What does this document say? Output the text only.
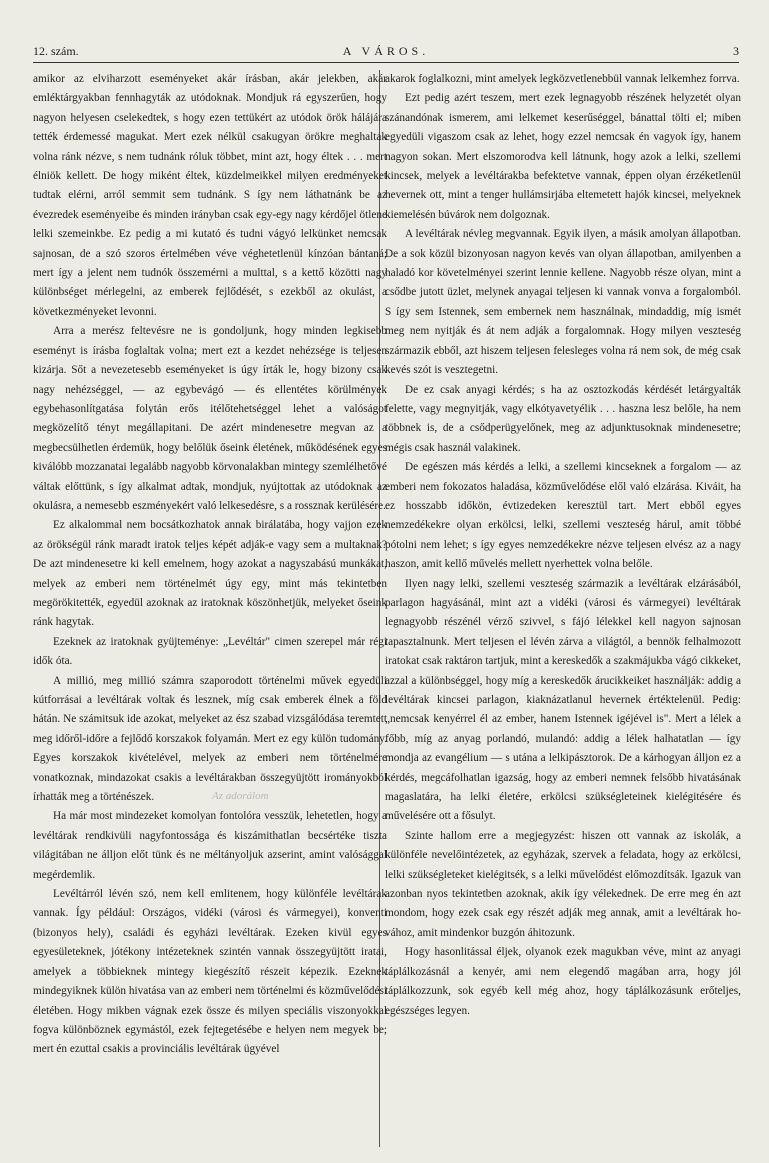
12. szám.	A VÁROS.	3

amikor az elviharzott eseményeket akár írásban, akár jelekben, akár emléktárgyakban fennhagyták az utódoknak. Mondjuk rá egyszerűen, hogy nagyon helyesen cselekedtek, s hogy ezen tettükért az utódok örök hálájára tették érdemessé magukat. Mert ezek nélkül csakugyan örökre meghaltak volna ránk nézve, s nem tudnánk róluk többet, mint azt, hogy éltek . . . mert élniök kellett. De hogy miként éltek, küzdelmeikkel milyen eredményeket tudtak elérni, arról semmit sem tudnánk. S így nem láthatnánk be az évezredek eseményeibe és minden irányban csak egy-egy nagy kérdőjel ötlene lelki szemeinkbe. Ez pedig a mi kutató és tudni vágyó lelkünket nemcsak sajnosan, de a szó szoros értelmében véve véghetetlenül kínzóan bántaná; mert így a jelent nem tudnók összemérni a multtal, s a kettő közötti nagy különbséget mérlegelni, az emberek fejlődését, s ezekből az okulást, a következményeket levonni.

Arra a merész feltevésre ne is gondoljunk, hogy minden legkisebb eseményt is írásba foglaltak volna; mert ezt a kezdet nehézsége is teljesen kizárja. Sőt a nevezetesebb eseményeket is úgy írták le, hogy bizony csak nagy nehézséggel, — az egybevágó — és ellentétes körülmények egybehasonlítgatása folytán erős itélőtehetséggel lehet a valóságot megközelítő tényt megállapitani. De azért mindenesetre megvan az a megbecsülhetlen érdemük, hogy belőlük őseink életének, működésének egyes kiválóbb mozzanatai legalább nagyobb körvonalakban mintegy szemlélhetővé váltak előttünk, s így alkalmat adtak, mondjuk, nyújtottak az utódoknak az okulásra, a nemesebb eszményekért való lelkesedésre, s a rossznak kerülésére.

Ez alkalommal nem bocsátkozhatok annak birálatába, hogy vajjon ezek az örökségül ránk maradt iratok teljes képét adják-e vagy sem a multaknak? De azt mindenesetre ki kell emelnem, hogy azokat a nagyszabású munkákat, melyek az emberi nem történelmét úgy egy, mint más tekintetben megörökitették, egyedül azoknak az iratoknak köszönhetjük, melyeket őseink ránk hagytak.

Ezeknek az iratoknak gyüjteménye: „Levéltár" cimen szerepel már régi idők óta.

A millió, meg millió számra szaporodott történelmi művek egyedüli kútforrásai a levéltárak voltak és lesznek, míg csak emberek élnek a föld hátán. Ne számitsuk ide azokat, melyeket az ész szabad vizsgálódása teremtett meg időről-időre a fejlődő korszakok folyamán. Mert ez egy külön tudomány. Egyes korszakok kivételével, melyek az emberi nem történelmére vonatkoznak, mindazokat csakis a levéltárakban összegyüjtött irományokból írhatták meg a történészek.

Ha már most mindezeket komolyan fontolóra vesszük, lehetetlen, hogy a levéltárak rendkivüli nagyfontossága és kiszámithatlan becsértéke tiszta világitában ne álljon előt tünk és ne méltányoljuk azserint, amint valósággal megérdemlik.

Levéltárról lévén szó, nem kell emlitenem, hogy különféle levéltárak vannak. Így például: Országos, vidéki (városi és vármegyei), konventi (bizonyos hely), családi és egyházi levéltárak. Ezeken kivül egyes egyesületeknek, jótékony intézeteknek szintén vannak összegyüjtött iratai, amelyek a többieknek mintegy kiegészítő részeit képezik. Ezeknek mindegyiknek külön hivatása van az emberi nem történelmi és közművelődési életében. Hogy mikben vágnak ezek össze és milyen speciális viszonyokkal fogva különböznek egymástól, ezek fejtegetésébe e helyen nem megyek be; mert én ezuttal csakis a provinciális levéltárak ügyével

akarok foglalkozni, mint amelyek legközvetlenebbül vannak lelkemhez forrva.

Ezt pedig azért teszem, mert ezek legnagyobb részének helyzetét olyan szánandónak ismerem, ami lelkemet keserűséggel, bánattal tölti el; miben egyedüli vigaszom csak az lehet, hogy ezzel nemcsak én vagyok így, hanem nagyon sokan. Mert elszomorodva kell látnunk, hogy azok a lelki, szellemi kincsek, melyek a levéltárakba befektetve vannak, éppen olyan érzéketlenül hevernek ott, mint a tenger hullámsirjába eltemetett hajók kincsei, melyeknek kiemelésén búvárok nem dolgoznak.

A levéltárak névleg megvannak. Egyik ilyen, a másik amolyan állapotban. De a sok közül bizonyosan nagyon kevés van olyan állapotban, amilyenben a haladó kor követelményei szerint lennie kellene. Nagyobb része olyan, mint a csődbe jutott üzlet, melynek anyagai teljesen ki vannak vonva a forgalomból. S így sem Istennek, sem embernek nem használnak, mindaddig, míg ismét meg nem nyitják és át nem adják a forgalomnak. Hogy milyen veszteség származik ebből, azt hiszem teljesen felesleges volna rá nem sok, de még csak kevés szót is vesztegetni.

De ez csak anyagi kérdés; s ha az osztozkodás kérdését letárgyalták felette, vagy megnyitják, vagy elkótyavetyélik . . . haszna lesz belőle, ha nem többnek is, de a csődperügyelőnek, meg az adjunktusoknak mindenesetre; mégis csak használ valakinek.

De egészen más kérdés a lelki, a szellemi kincseknek a forgalom — az emberi nem fokozatos haladása, közművelődése elől való elzárása. Kiváit, ha ez hosszabb időkön, évtizedeken keresztül tart. Mert ebből egyes nemzedékekre olyan erkölcsi, lelki, szellemi veszteség hárul, amit többé pótolni nem lehet; s így egyes nemzedékekre nézve teljesen elvész az a nagy haszon, amit kellő művelés mellett nyerhettek volna belőle.

Ilyen nagy lelki, szellemi veszteség származik a levéltárak elzárásából, parlagon hagyásánál, mint azt a vidéki (városi és vármegyei) levéltárak legnagyobb részénél vérző szivvel, s fájó lélekkel kell nagyon sajnosan tapasztalnunk. Mert teljesen el lévén zárva a világtól, a bennök felhalmozott iratokat csak raktáron tartjuk, mint a kereskedők a szakmájukba vágó cikkeket, azzal a különbséggel, hogy míg a kereskedők árucikkeiket használják: addig a levéltárak kincsei parlagon, kiaknázatlanul hevernek értéktelenül. Pedig: „nemcsak kenyérrel él az ember, hanem Istennek igéjével is". Mert a lélek a főbb, míg az anyag porlandó, mulandó: addig a lélek halhatatlan — így mondja az evangélium — s utána a lelkipásztorok. De a kárhogyan álljon ez a kérdés, megcáfolhatlan igazság, hogy az emberi nemnek felsőbb hivatásának magaslatára, ha lelki életére, erkölcsi szükségleteinek kielégitésére és művelésére ott a fősulyt.

Szinte hallom erre a megjegyzést: hiszen ott vannak az iskolák, a különféle nevelőintézetek, az egyházak, szervek a feladata, hogy az erkölcsi, lelki szükségleteket kielégitsék, s a lelki művelődést előmozdítsák. Igazuk van azonban nyos tekintetben azoknak, akik így vélekednek. De erre meg én azt mondom, hogy ezek csak egy részét adják meg annak, amit a levéltárak ho-vához, amit mindenkor buzgón áhitozunk.

Hogy hasonlitással éljek, olyanok ezek magukban véve, mint az anyagi táplálkozásnál a kenyér, ami nem elegendő magában arra, hogy jól táplálkozzunk, sok egyéb kell még ahoz, hogy táplálkozásunk erőteljes, egészséges legyen.

Az adorálom
